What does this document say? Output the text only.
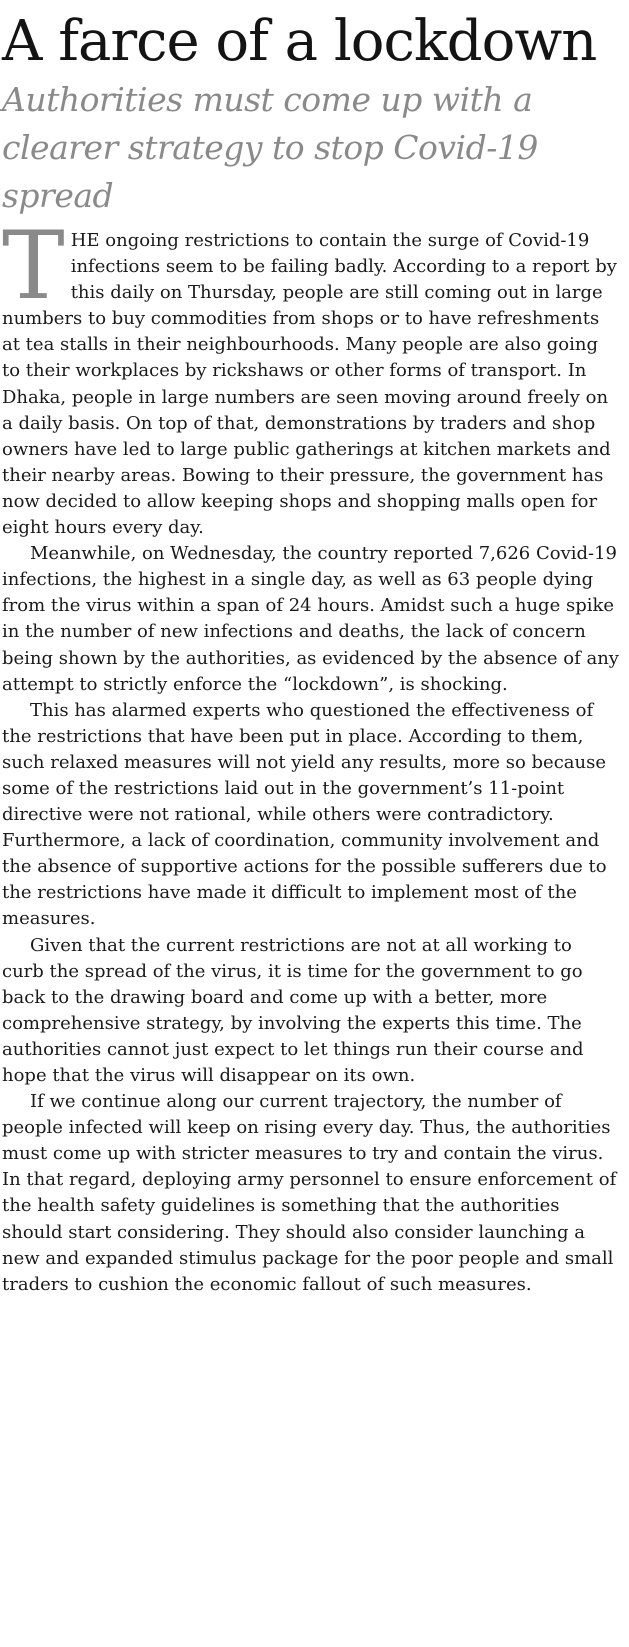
A farce of a lockdown
Authorities must come up with a clearer strategy to stop Covid-19 spread

T HE ongoing restrictions to contain the surge of Covid-19 infections seem to be failing badly. According to a report by this daily on Thursday, people are still coming out in large numbers to buy commodities from shops or to have refreshments at tea stalls in their neighbourhoods. Many people are also going to their workplaces by rickshaws or other forms of transport. In Dhaka, people in large numbers are seen moving around freely on a daily basis. On top of that, demonstrations by traders and shop owners have led to large public gatherings at kitchen markets and their nearby areas. Bowing to their pressure, the government has now decided to allow keeping shops and shopping malls open for eight hours every day.

Meanwhile, on Wednesday, the country reported 7,626 Covid-19 infections, the highest in a single day, as well as 63 people dying from the virus within a span of 24 hours. Amidst such a huge spike in the number of new infections and deaths, the lack of concern being shown by the authorities, as evidenced by the absence of any attempt to strictly enforce the “lockdown”, is shocking.

This has alarmed experts who questioned the effectiveness of the restrictions that have been put in place. According to them, such relaxed measures will not yield any results, more so because some of the restrictions laid out in the government’s 11-point directive were not rational, while others were contradictory. Furthermore, a lack of coordination, community involvement and the absence of supportive actions for the possible sufferers due to the restrictions have made it difficult to implement most of the measures.

Given that the current restrictions are not at all working to curb the spread of the virus, it is time for the government to go back to the drawing board and come up with a better, more comprehensive strategy, by involving the experts this time. The authorities cannot just expect to let things run their course and hope that the virus will disappear on its own.

If we continue along our current trajectory, the number of people infected will keep on rising every day. Thus, the authorities must come up with stricter measures to try and contain the virus. In that regard, deploying army personnel to ensure enforcement of the health safety guidelines is something that the authorities should start considering. They should also consider launching a new and expanded stimulus package for the poor people and small traders to cushion the economic fallout of such measures.
